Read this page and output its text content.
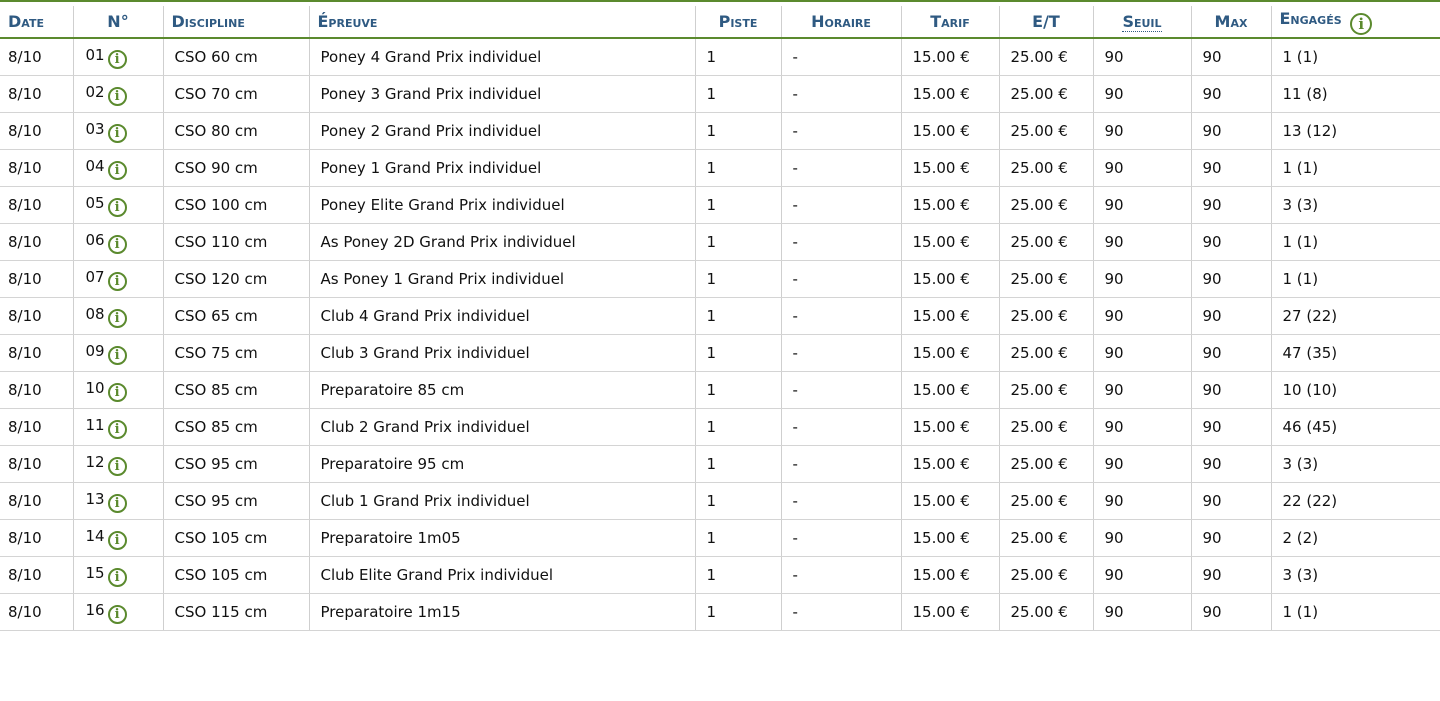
Date	N°	Discipline	Épreuve	Piste	Horaire	Tarif	E/T	Seuil	Max	Engagés i
8/10	01 i	CSO 60 cm	Poney 4 Grand Prix individuel	1	-	15.00 €	25.00 €	90	90	1 (1)
8/10	02 i	CSO 70 cm	Poney 3 Grand Prix individuel	1	-	15.00 €	25.00 €	90	90	11 (8)
8/10	03 i	CSO 80 cm	Poney 2 Grand Prix individuel	1	-	15.00 €	25.00 €	90	90	13 (12)
8/10	04 i	CSO 90 cm	Poney 1 Grand Prix individuel	1	-	15.00 €	25.00 €	90	90	1 (1)
8/10	05 i	CSO 100 cm	Poney Elite Grand Prix individuel	1	-	15.00 €	25.00 €	90	90	3 (3)
8/10	06 i	CSO 110 cm	As Poney 2D Grand Prix individuel	1	-	15.00 €	25.00 €	90	90	1 (1)
8/10	07 i	CSO 120 cm	As Poney 1 Grand Prix individuel	1	-	15.00 €	25.00 €	90	90	1 (1)
8/10	08 i	CSO 65 cm	Club 4 Grand Prix individuel	1	-	15.00 €	25.00 €	90	90	27 (22)
8/10	09 i	CSO 75 cm	Club 3 Grand Prix individuel	1	-	15.00 €	25.00 €	90	90	47 (35)
8/10	10 i	CSO 85 cm	Preparatoire 85 cm	1	-	15.00 €	25.00 €	90	90	10 (10)
8/10	11 i	CSO 85 cm	Club 2 Grand Prix individuel	1	-	15.00 €	25.00 €	90	90	46 (45)
8/10	12 i	CSO 95 cm	Preparatoire 95 cm	1	-	15.00 €	25.00 €	90	90	3 (3)
8/10	13 i	CSO 95 cm	Club 1 Grand Prix individuel	1	-	15.00 €	25.00 €	90	90	22 (22)
8/10	14 i	CSO 105 cm	Preparatoire 1m05	1	-	15.00 €	25.00 €	90	90	2 (2)
8/10	15 i	CSO 105 cm	Club Elite Grand Prix individuel	1	-	15.00 €	25.00 €	90	90	3 (3)
8/10	16 i	CSO 115 cm	Preparatoire 1m15	1	-	15.00 €	25.00 €	90	90	1 (1)
